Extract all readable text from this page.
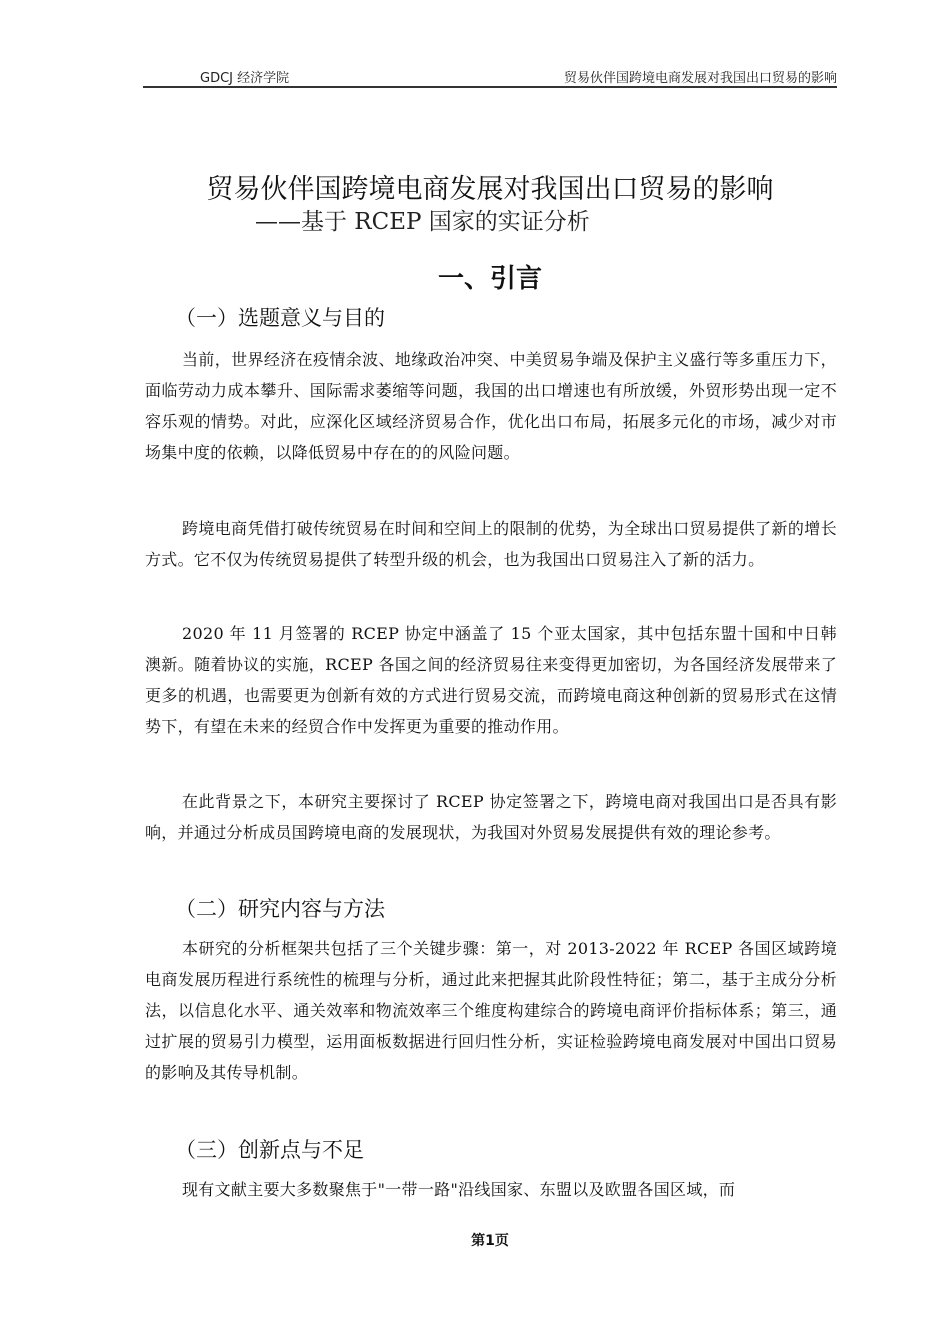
GDCJ 经济学院	贸易伙伴国跨境电商发展对我国出口贸易的影响
贸易伙伴国跨境电商发展对我国出口贸易的影响
——基于 RCEP 国家的实证分析
一、引言
（一）选题意义与目的

当前，世界经济在疫情余波、地缘政治冲突、中美贸易争端及保护主义盛行等多重压力下，面临劳动力成本攀升、国际需求萎缩等问题，我国的出口增速也有所放缓，外贸形势出现一定不容乐观的情势。对此，应深化区域经济贸易合作，优化出口布局，拓展多元化的市场，减少对市场集中度的依赖，以降低贸易中存在的的风险问题。

跨境电商凭借打破传统贸易在时间和空间上的限制的优势，为全球出口贸易提供了新的增长方式。它不仅为传统贸易提供了转型升级的机会，也为我国出口贸易注入了新的活力。

2020 年 11 月签署的 RCEP 协定中涵盖了 15 个亚太国家，其中包括东盟十国和中日韩澳新。随着协议的实施，RCEP 各国之间的经济贸易往来变得更加密切，为各国经济发展带来了更多的机遇，也需要更为创新有效的方式进行贸易交流，而跨境电商这种创新的贸易形式在这情势下，有望在未来的经贸合作中发挥更为重要的推动作用。

在此背景之下，本研究主要探讨了 RCEP 协定签署之下，跨境电商对我国出口是否具有影响，并通过分析成员国跨境电商的发展现状，为我国对外贸易发展提供有效的理论参考。

（二）研究内容与方法

本研究的分析框架共包括了三个关键步骤：第一，对 2013-2022 年 RCEP 各国区域跨境电商发展历程进行系统性的梳理与分析，通过此来把握其此阶段性特征；第二，基于主成分分析法，以信息化水平、通关效率和物流效率三个维度构建综合的跨境电商评价指标体系；第三，通过扩展的贸易引力模型，运用面板数据进行回归性分析，实证检验跨境电商发展对中国出口贸易的影响及其传导机制。

（三）创新点与不足

现有文献主要大多数聚焦于"一带一路"沿线国家、东盟以及欧盟各国区域，而

第1页
